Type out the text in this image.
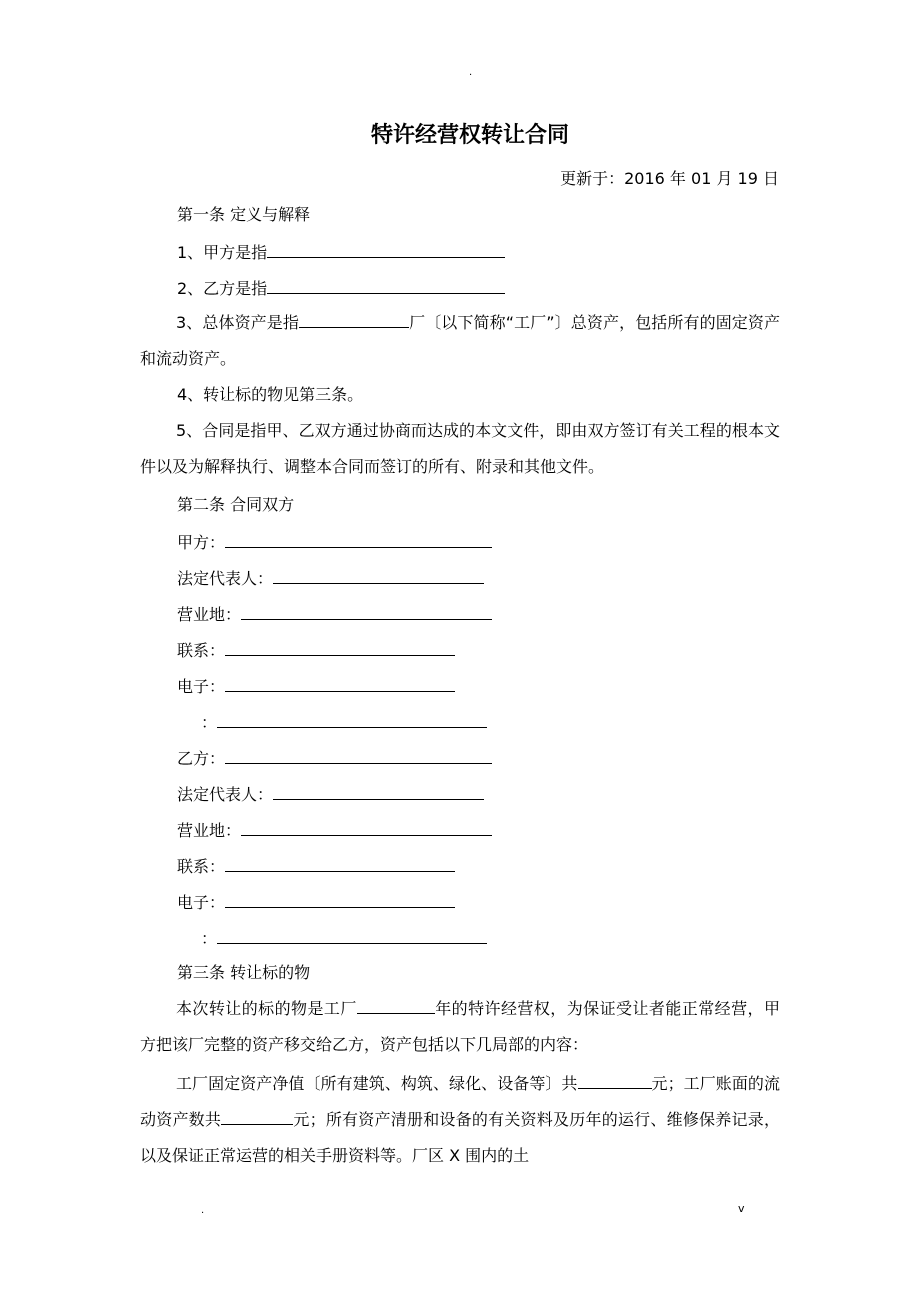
.
特许经营权转让合同
更新于：2016 年 01 月 19 日
第一条 定义与解释
1、甲方是指
2、乙方是指
3、总体资产是指	厂〔以下简称“工厂”〕总资产，包括所有的固定资产和流动资产。
4、转让标的物见第三条。
5、合同是指甲、乙双方通过协商而达成的本文文件，即由双方签订有关工程的根本文件以及为解释执行、调整本合同而签订的所有、附录和其他文件。
第二条 合同双方
甲方：
法定代表人：
营业地：
联系：
电子：
：
乙方：
法定代表人：
营业地：
联系：
电子：
：
第三条 转让标的物
本次转让的标的物是工厂	年的特许经营权，为保证受让者能正常经营，甲方把该厂完整的资产移交给乙方，资产包括以下几局部的内容：
工厂固定资产净值〔所有建筑、构筑、绿化、设备等〕共	元；工厂账面的流动资产数共	元；所有资产清册和设备的有关资料及历年的运行、维修保养记录，以及保证正常运营的相关手册资料等。厂区 X 围内的土
.	v
